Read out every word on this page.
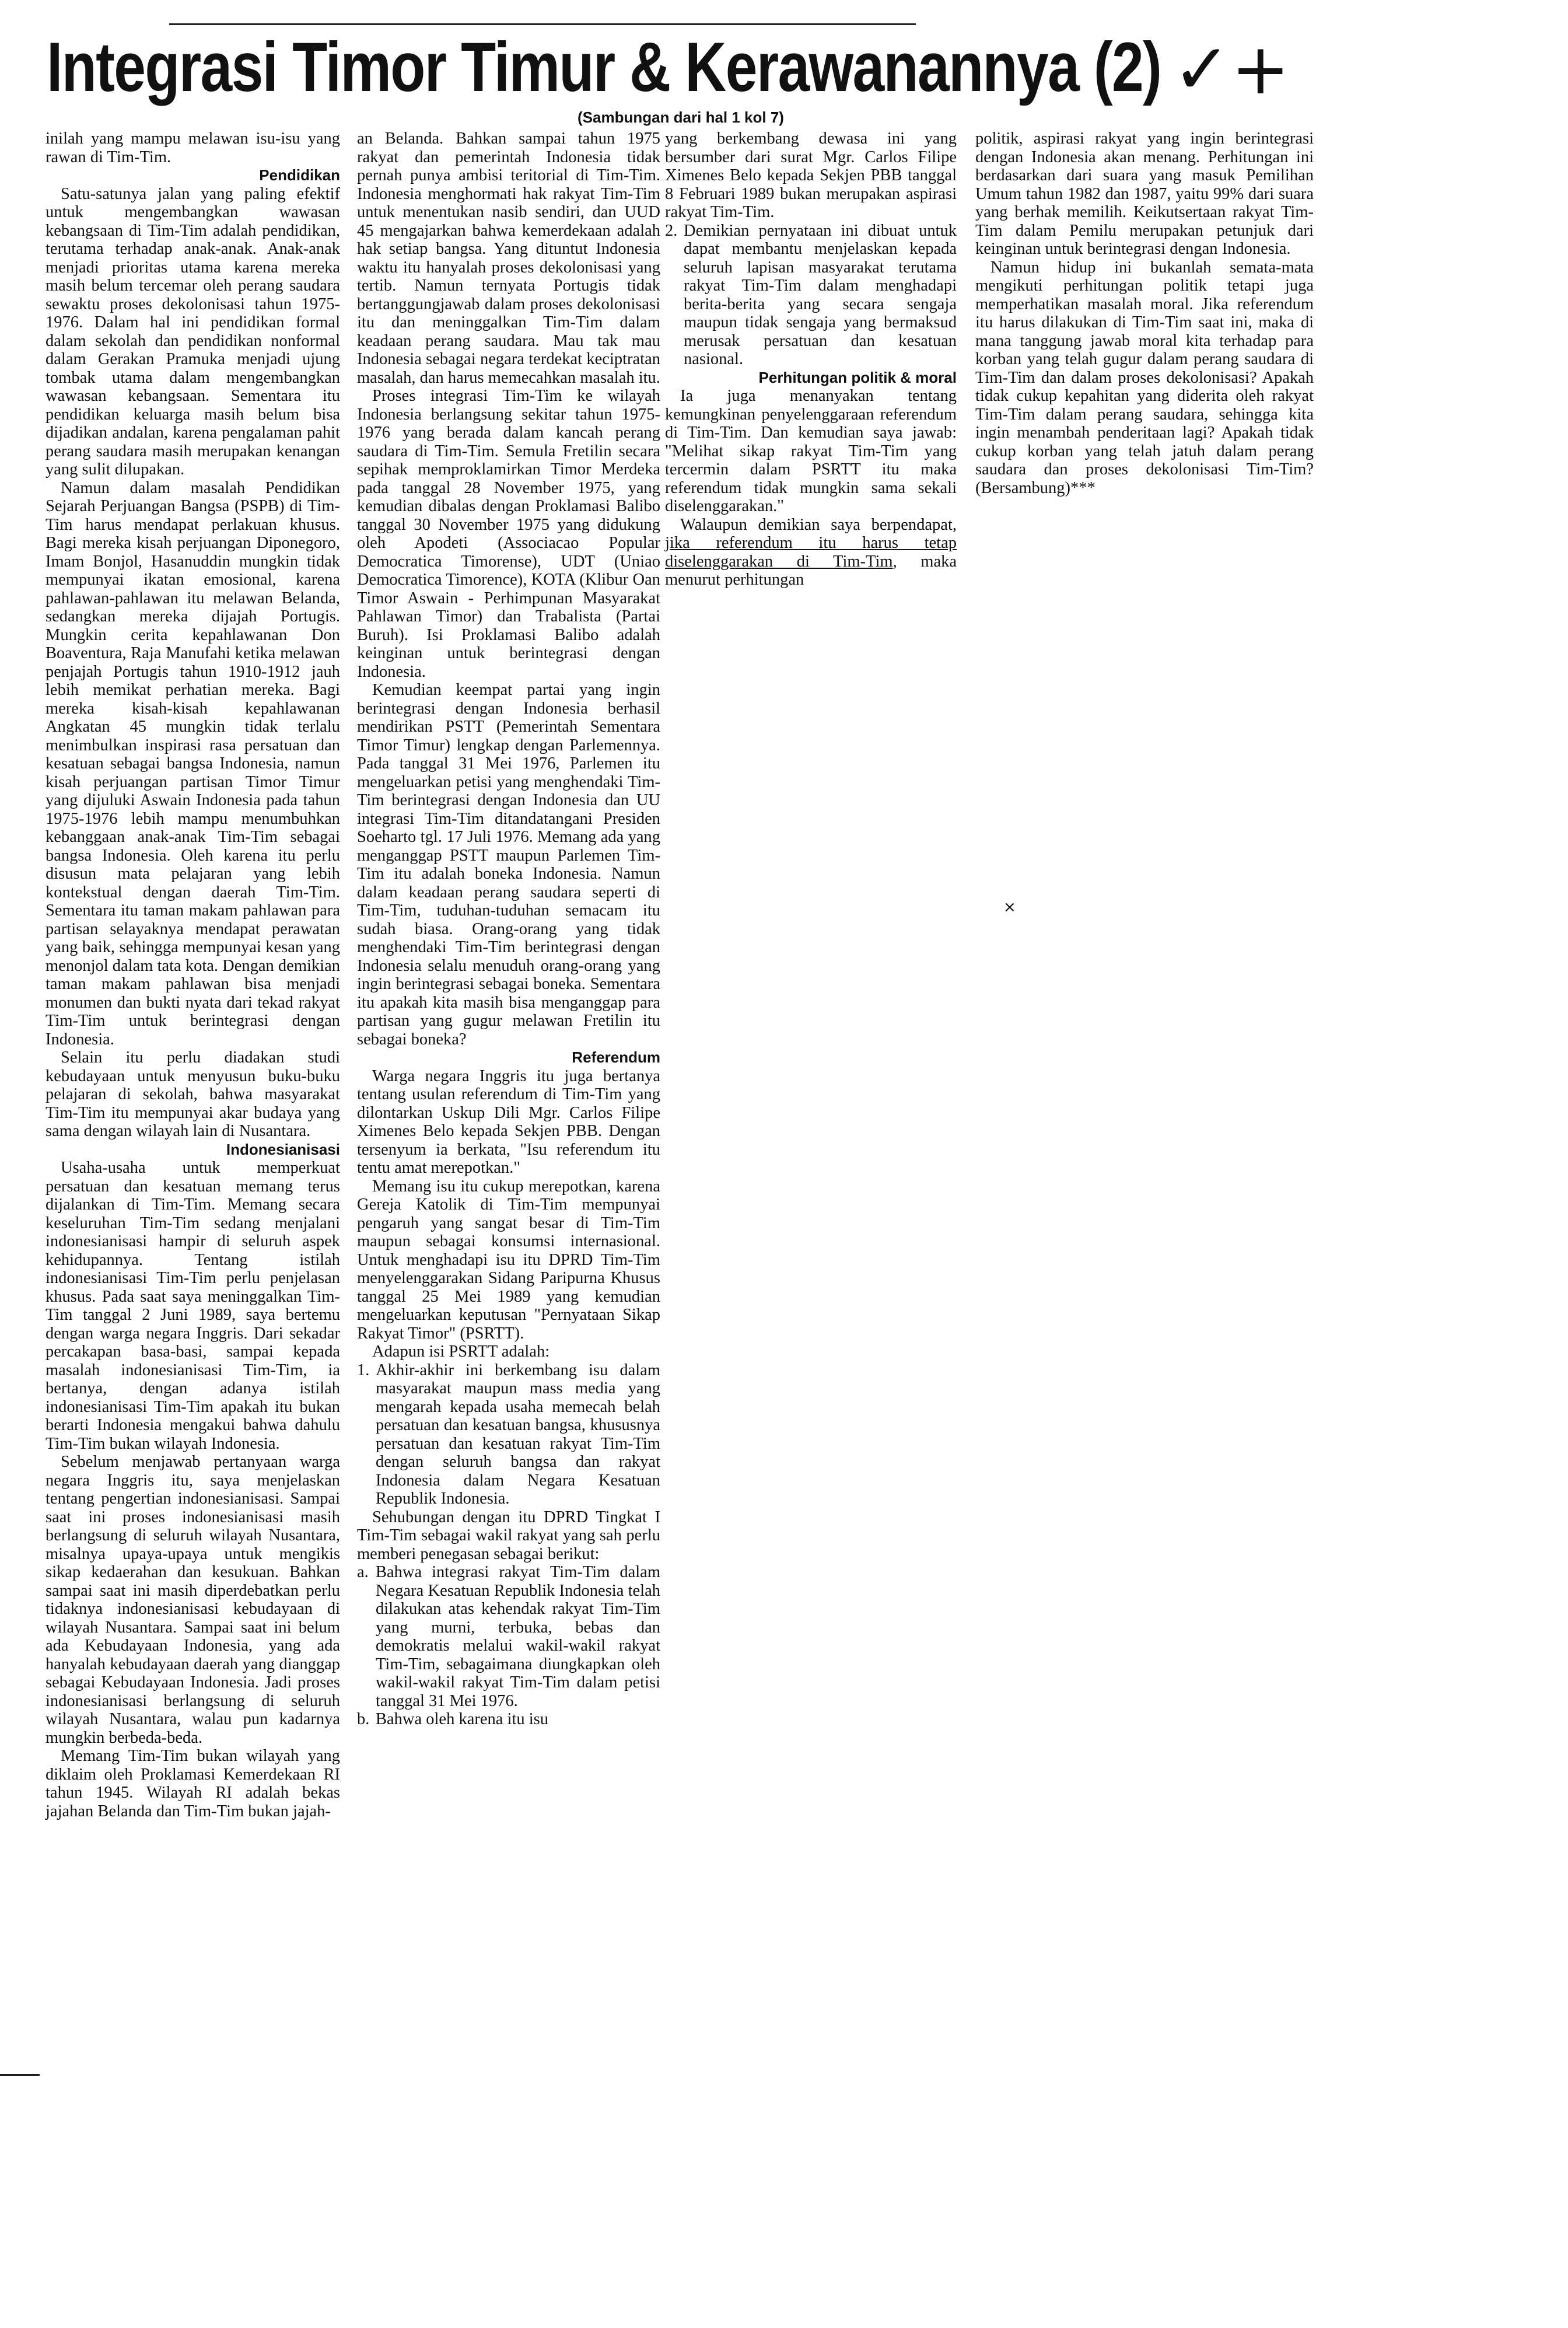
Integrasi Timor Timur & Kerawanannya (2) ✓+
(Sambungan dari hal 1 kol 7)

inilah yang mampu melawan isu-isu yang rawan di Tim-Tim.

Pendidikan

Satu-satunya jalan yang paling efektif untuk mengembangkan wawasan kebangsaan di Tim-Tim adalah pendidikan, terutama terhadap anak-anak. Anak-anak menjadi prioritas utama karena mereka masih belum tercemar oleh perang saudara sewaktu proses dekolonisasi tahun 1975-1976. Dalam hal ini pendidikan formal dalam sekolah dan pendidikan nonformal dalam Gerakan Pramuka menjadi ujung tombak utama dalam mengembangkan wawasan kebangsaan. Sementara itu pendidikan keluarga masih belum bisa dijadikan andalan, karena pengalaman pahit perang saudara masih merupakan kenangan yang sulit dilupakan.

Namun dalam masalah Pendidikan Sejarah Perjuangan Bangsa (PSPB) di Tim-Tim harus mendapat perlakuan khusus. Bagi mereka kisah perjuangan Diponegoro, Imam Bonjol, Hasanuddin mungkin tidak mempunyai ikatan emosional, karena pahlawan-pahlawan itu melawan Belanda, sedangkan mereka dijajah Portugis. Mungkin cerita kepahlawanan Don Boaventura, Raja Manufahi ketika melawan penjajah Portugis tahun 1910-1912 jauh lebih memikat perhatian mereka. Bagi mereka kisah-kisah kepahlawanan Angkatan 45 mungkin tidak terlalu menimbulkan inspirasi rasa persatuan dan kesatuan sebagai bangsa Indonesia, namun kisah perjuangan partisan Timor Timur yang dijuluki Aswain Indonesia pada tahun 1975-1976 lebih mampu menumbuhkan kebanggaan anak-anak Tim-Tim sebagai bangsa Indonesia. Oleh karena itu perlu disusun mata pelajaran yang lebih kontekstual dengan daerah Tim-Tim. Sementara itu taman makam pahlawan para partisan selayaknya mendapat perawatan yang baik, sehingga mempunyai kesan yang menonjol dalam tata kota. Dengan demikian taman makam pahlawan bisa menjadi monumen dan bukti nyata dari tekad rakyat Tim-Tim untuk berintegrasi dengan Indonesia.

Selain itu perlu diadakan studi kebudayaan untuk menyusun buku-buku pelajaran di sekolah, bahwa masyarakat Tim-Tim itu mempunyai akar budaya yang sama dengan wilayah lain di Nusantara.

Indonesianisasi

Usaha-usaha untuk memperkuat persatuan dan kesatuan memang terus dijalankan di Tim-Tim. Memang secara keseluruhan Tim-Tim sedang menjalani indonesianisasi hampir di seluruh aspek kehidupannya. Tentang istilah indonesianisasi Tim-Tim perlu penjelasan khusus. Pada saat saya meninggalkan Tim-Tim tanggal 2 Juni 1989, saya bertemu dengan warga negara Inggris. Dari sekadar percakapan basa-basi, sampai kepada masalah indonesianisasi Tim-Tim, ia bertanya, dengan adanya istilah indonesianisasi Tim-Tim apakah itu bukan berarti Indonesia mengakui bahwa dahulu Tim-Tim bukan wilayah Indonesia.

Sebelum menjawab pertanyaan warga negara Inggris itu, saya menjelaskan tentang pengertian indonesianisasi. Sampai saat ini proses indonesianisasi masih berlangsung di seluruh wilayah Nusantara, misalnya upaya-upaya untuk mengikis sikap kedaerahan dan kesukuan. Bahkan sampai saat ini masih diperdebatkan perlu tidaknya indonesianisasi kebudayaan di wilayah Nusantara. Sampai saat ini belum ada Kebudayaan Indonesia, yang ada hanyalah kebudayaan daerah yang dianggap sebagai Kebudayaan Indonesia. Jadi proses indonesianisasi berlangsung di seluruh wilayah Nusantara, walau pun kadarnya mungkin berbeda-beda.

Memang Tim-Tim bukan wilayah yang diklaim oleh Proklamasi Kemerdekaan RI tahun 1945. Wilayah RI adalah bekas jajahan Belanda dan Tim-Tim bukan jajah-

an Belanda. Bahkan sampai tahun 1975 rakyat dan pemerintah Indonesia tidak pernah punya ambisi teritorial di Tim-Tim. Indonesia menghormati hak rakyat Tim-Tim untuk menentukan nasib sendiri, dan UUD 45 mengajarkan bahwa kemerdekaan adalah hak setiap bangsa. Yang dituntut Indonesia waktu itu hanyalah proses dekolonisasi yang tertib. Namun ternyata Portugis tidak bertanggungjawab dalam proses dekolonisasi itu dan meninggalkan Tim-Tim dalam keadaan perang saudara. Mau tak mau Indonesia sebagai negara terdekat keciptratan masalah, dan harus memecahkan masalah itu.

Proses integrasi Tim-Tim ke wilayah Indonesia berlangsung sekitar tahun 1975-1976 yang berada dalam kancah perang saudara di Tim-Tim. Semula Fretilin secara sepihak memproklamirkan Timor Merdeka pada tanggal 28 November 1975, yang kemudian dibalas dengan Proklamasi Balibo tanggal 30 November 1975 yang didukung oleh Apodeti (Associacao Popular Democratica Timorense), UDT (Uniao Democratica Timorence), KOTA (Klibur Oan Timor Aswain - Perhimpunan Masyarakat Pahlawan Timor) dan Trabalista (Partai Buruh). Isi Proklamasi Balibo adalah keinginan untuk berintegrasi dengan Indonesia.

Kemudian keempat partai yang ingin berintegrasi dengan Indonesia berhasil mendirikan PSTT (Pemerintah Sementara Timor Timur) lengkap dengan Parlemennya. Pada tanggal 31 Mei 1976, Parlemen itu mengeluarkan petisi yang menghendaki Tim-Tim berintegrasi dengan Indonesia dan UU integrasi Tim-Tim ditandatangani Presiden Soeharto tgl. 17 Juli 1976. Memang ada yang menganggap PSTT maupun Parlemen Tim-Tim itu adalah boneka Indonesia. Namun dalam keadaan perang saudara seperti di Tim-Tim, tuduhan-tuduhan semacam itu sudah biasa. Orang-orang yang tidak menghendaki Tim-Tim berintegrasi dengan Indonesia selalu menuduh orang-orang yang ingin berintegrasi sebagai boneka. Sementara itu apakah kita masih bisa menganggap para partisan yang gugur melawan Fretilin itu sebagai boneka?

Referendum

Warga negara Inggris itu juga bertanya tentang usulan referendum di Tim-Tim yang dilontarkan Uskup Dili Mgr. Carlos Filipe Ximenes Belo kepada Sekjen PBB. Dengan tersenyum ia berkata, "Isu referendum itu tentu amat merepotkan."

Memang isu itu cukup merepotkan, karena Gereja Katolik di Tim-Tim mempunyai pengaruh yang sangat besar di Tim-Tim maupun sebagai konsumsi internasional. Untuk menghadapi isu itu DPRD Tim-Tim menyelenggarakan Sidang Paripurna Khusus tanggal 25 Mei 1989 yang kemudian mengeluarkan keputusan "Pernyataan Sikap Rakyat Timor" (PSRTT).

Adapun isi PSRTT adalah:

1. Akhir-akhir ini berkembang isu dalam masyarakat maupun mass media yang mengarah kepada usaha memecah belah persatuan dan kesatuan bangsa, khususnya persatuan dan kesatuan rakyat Tim-Tim dengan seluruh bangsa dan rakyat Indonesia dalam Negara Kesatuan Republik Indonesia.

Sehubungan dengan itu DPRD Tingkat I Tim-Tim sebagai wakil rakyat yang sah perlu memberi penegasan sebagai berikut:

a. Bahwa integrasi rakyat Tim-Tim dalam Negara Kesatuan Republik Indonesia telah dilakukan atas kehendak rakyat Tim-Tim yang murni, terbuka, bebas dan demokratis melalui wakil-wakil rakyat Tim-Tim, sebagaimana diungkapkan oleh wakil-wakil rakyat Tim-Tim dalam petisi tanggal 31 Mei 1976.
b. Bahwa oleh karena itu isu

yang berkembang dewasa ini yang bersumber dari surat Mgr. Carlos Filipe Ximenes Belo kepada Sekjen PBB tanggal 8 Februari 1989 bukan merupakan aspirasi rakyat Tim-Tim.

2. Demikian pernyataan ini dibuat untuk dapat membantu menjelaskan kepada seluruh lapisan masyarakat terutama rakyat Tim-Tim dalam menghadapi berita-berita yang secara sengaja maupun tidak sengaja yang bermaksud merusak persatuan dan kesatuan nasional.
Perhitungan politik & moral

Ia juga menanyakan tentang kemungkinan penyelenggaraan referendum di Tim-Tim. Dan kemudian saya jawab: "Melihat sikap rakyat Tim-Tim yang tercermin dalam PSRTT itu maka referendum tidak mungkin sama sekali diselenggarakan."

Walaupun demikian saya berpendapat, jika referendum itu harus tetap diselenggarakan di Tim-Tim, maka menurut perhitungan

politik, aspirasi rakyat yang ingin berintegrasi dengan Indonesia akan menang. Perhitungan ini berdasarkan dari suara yang masuk Pemilihan Umum tahun 1982 dan 1987, yaitu 99% dari suara yang berhak memilih. Keikutsertaan rakyat Tim-Tim dalam Pemilu merupakan petunjuk dari keinginan untuk berintegrasi dengan Indonesia.

Namun hidup ini bukanlah semata-mata mengikuti perhitungan politik tetapi juga memperhatikan masalah moral. Jika referendum itu harus dilakukan di Tim-Tim saat ini, maka di mana tanggung jawab moral kita terhadap para korban yang telah gugur dalam perang saudara di Tim-Tim dan dalam proses dekolonisasi? Apakah tidak cukup kepahitan yang diderita oleh rakyat Tim-Tim dalam perang saudara, sehingga kita ingin menambah penderitaan lagi? Apakah tidak cukup korban yang telah jatuh dalam perang saudara dan proses dekolonisasi Tim-Tim? (Bersambung)***

×
